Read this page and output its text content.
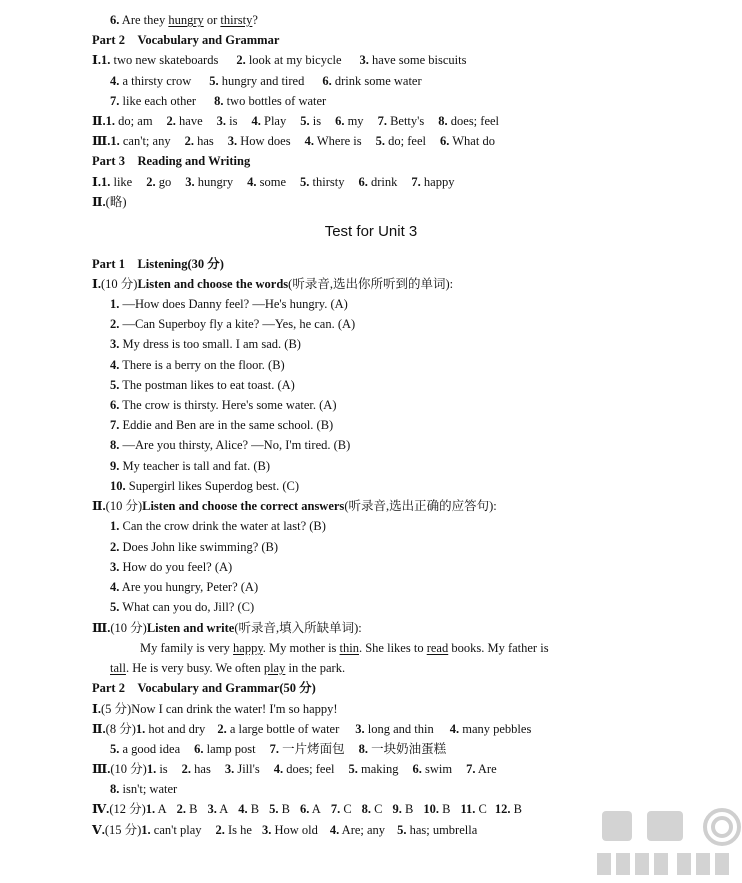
6. Are they hungry or thirsty?
Part 2　Vocabulary and Grammar
Ⅰ.1. two new skateboards 2. look at my bicycle 3. have some biscuits
4. a thirsty crow 5. hungry and tired 6. drink some water
7. like each other 8. two bottles of water
Ⅱ.1. do; am 2. have 3. is 4. Play 5. is 6. my 7. Betty's 8. does; feel
Ⅲ.1. can't; any 2. has 3. How does 4. Where is 5. do; feel 6. What do
Part 3　Reading and Writing
Ⅰ.1. like 2. go 3. hungry 4. some 5. thirsty 6. drink 7. happy
Ⅱ.(略)
Test for Unit 3
Part 1　Listening(30 分)
Ⅰ.(10 分)Listen and choose the words(听录音,选出你所听到的单词):
1. —How does Danny feel? —He's hungry. (A)
2. —Can Superboy fly a kite? —Yes, he can. (A)
3. My dress is too small. I am sad. (B)
4. There is a berry on the floor. (B)
5. The postman likes to eat toast. (A)
6. The crow is thirsty. Here's some water. (A)
7. Eddie and Ben are in the same school. (B)
8. —Are you thirsty, Alice? —No, I'm tired. (B)
9. My teacher is tall and fat. (B)
10. Supergirl likes Superdog best. (C)
Ⅱ.(10 分)Listen and choose the correct answers(听录音,选出正确的应答句):
1. Can the crow drink the water at last? (B)
2. Does John like swimming? (B)
3. How do you feel? (A)
4. Are you hungry, Peter? (A)
5. What can you do, Jill? (C)
Ⅲ.(10 分)Listen and write(听录音,填入所缺单词):
My family is very happy. My mother is thin. She likes to read books. My father is
tall. He is very busy. We often play in the park.
Part 2　Vocabulary and Grammar(50 分)
Ⅰ.(5 分)Now I can drink the water! I'm so happy!
Ⅱ.(8 分)1. hot and dry 2. a large bottle of water 3. long and thin 4. many pebbles
5. a good idea 6. lamp post 7. 一片烤面包 8. 一块奶油蛋糕
Ⅲ.(10 分)1. is 2. has 3. Jill's 4. does; feel 5. making 6. swim 7. Are
8. isn't; water
Ⅳ.(12 分)1. A 2. B 3. A 4. B 5. B 6. A 7. C 8. C 9. B 10. B 11. C 12. B
Ⅴ.(15 分)1. can't play 2. Is he 3. How old 4. Are; any 5. has; umbrella
